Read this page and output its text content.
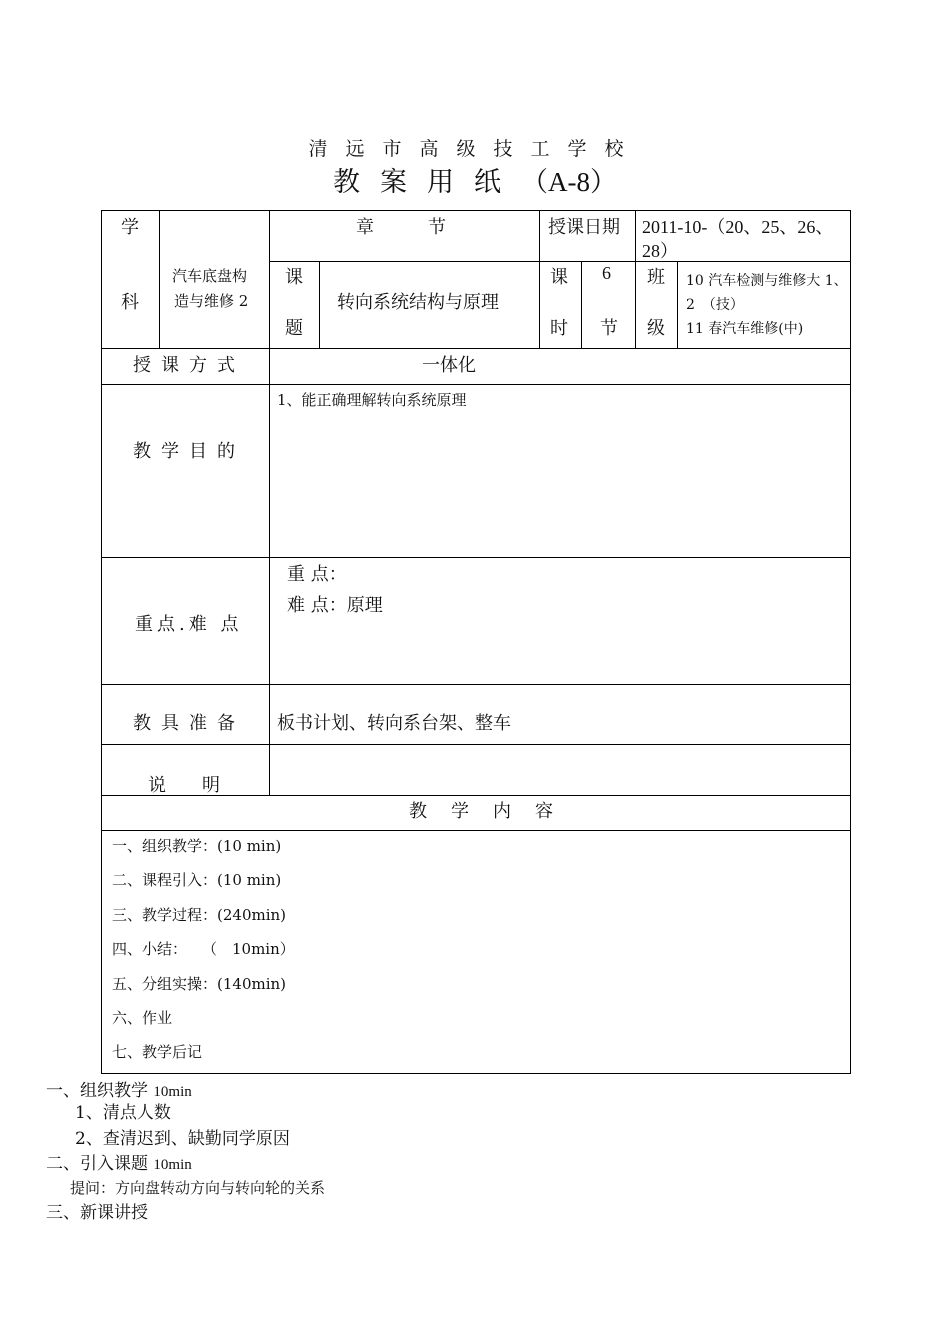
清远市高级技工学校
教案用纸（A-8）
学
科
汽车底盘构
造与维修 2
章　　　节	授课日期 2011-10-（20、25、26、
28）
课
题
转向系统结构与原理
课
时
6
节
班
级
10 汽车检测与维修大 1、
2　（技）
11 春汽车维修(中)
授课方式	一体化
教学目的
1、能正确理解转向系统原理
重点.难 点
重 点：
难 点：原理
教具准备 板书计划、转向系台架、整车
说　　明
教学内容
一、组织教学：(10 min)
二、课程引入：(10 min)
三、教学过程：(240min)
四、小结：　　（　10min）
五、分组实操：(140min)
六、作业
七、教学后记
一、组织教学 10min
1、清点人数
2、查清迟到、缺勤同学原因
二、引入课题 10min
提问：方向盘转动方向与转向轮的关系
三、新课讲授
